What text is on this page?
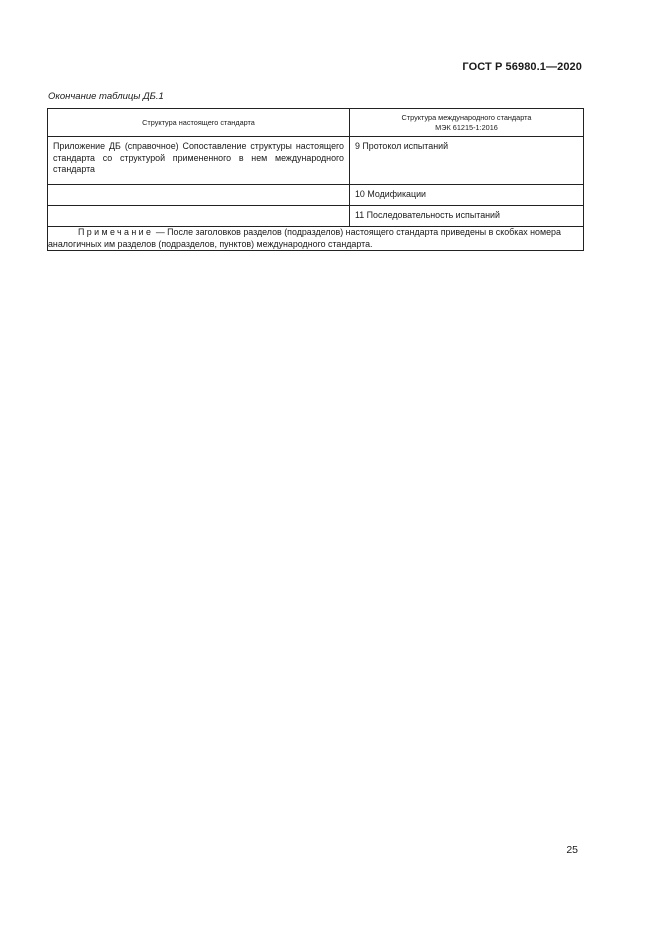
ГОСТ Р 56980.1—2020
Окончание таблицы ДБ.1
Структура настоящего стандарта	Структура международного стандарта
МЭК 61215-1:2016

Приложение ДБ (справочное) Сопоставление структуры настоящего стандарта со структурой примененного в нем международного стандарта	9 Протокол испытаний
	10 Модификации
	11 Последовательность испытаний
Примечание — После заголовков разделов (подразделов) настоящего стандарта приведены в скобках номера аналогичных им разделов (подразделов, пунктов) международного стандарта.	
25
